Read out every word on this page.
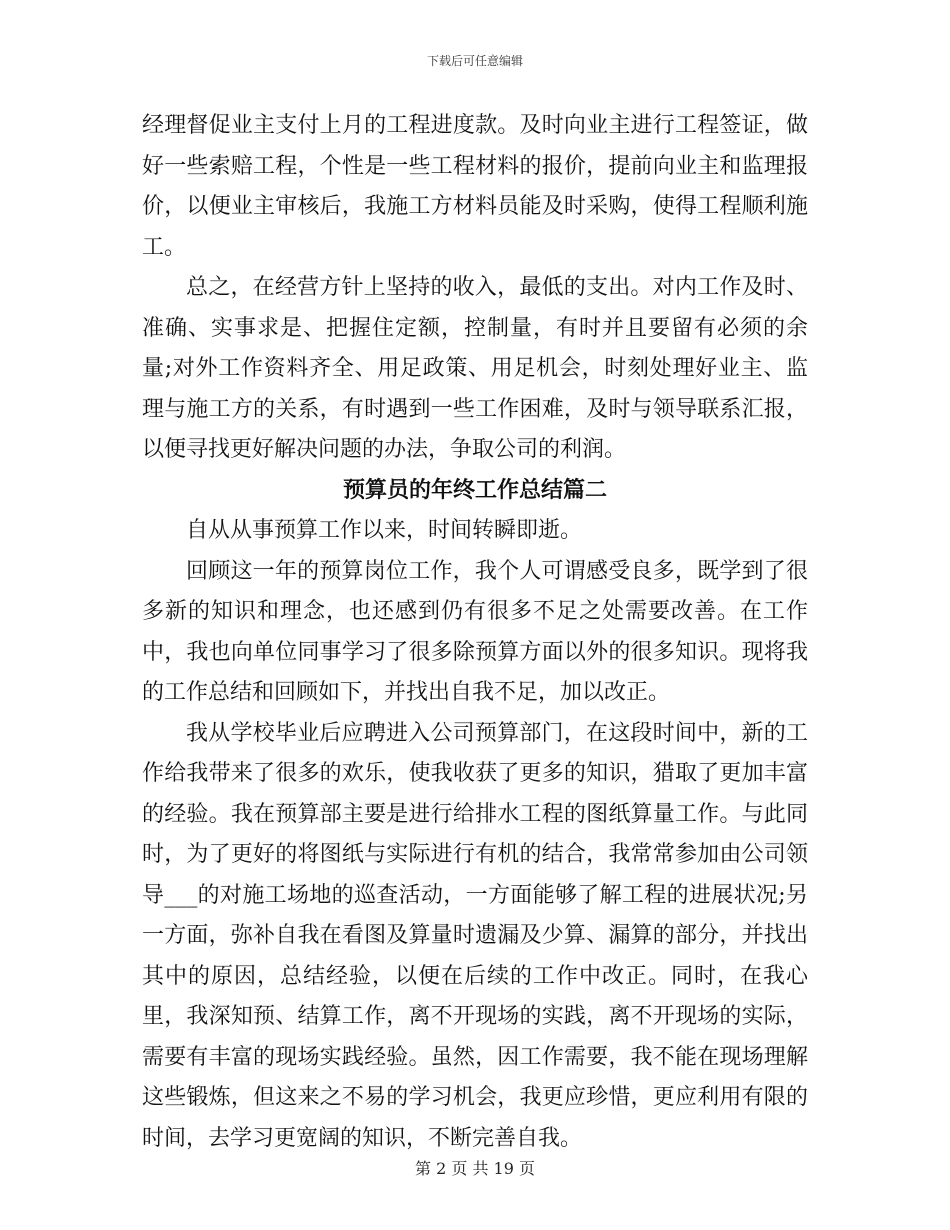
下载后可任意编辑

经理督促业主支付上月的工程进度款。及时向业主进行工程签证，做好一些索赔工程，个性是一些工程材料的报价，提前向业主和监理报价，以便业主审核后，我施工方材料员能及时采购，使得工程顺利施工。

总之，在经营方针上坚持的收入，最低的支出。对内工作及时、准确、实事求是、把握住定额，控制量，有时并且要留有必须的余量;对外工作资料齐全、用足政策、用足机会，时刻处理好业主、监理与施工方的关系，有时遇到一些工作困难，及时与领导联系汇报，以便寻找更好解决问题的办法，争取公司的利润。

预算员的年终工作总结篇二

自从从事预算工作以来，时间转瞬即逝。

回顾这一年的预算岗位工作，我个人可谓感受良多，既学到了很多新的知识和理念，也还感到仍有很多不足之处需要改善。在工作中，我也向单位同事学习了很多除预算方面以外的很多知识。现将我的工作总结和回顾如下，并找出自我不足，加以改正。

我从学校毕业后应聘进入公司预算部门，在这段时间中，新的工作给我带来了很多的欢乐，使我收获了更多的知识，猎取了更加丰富的经验。我在预算部主要是进行给排水工程的图纸算量工作。与此同时，为了更好的将图纸与实际进行有机的结合，我常常参加由公司领导___的对施工场地的巡查活动，一方面能够了解工程的进展状况;另一方面，弥补自我在看图及算量时遗漏及少算、漏算的部分，并找出其中的原因，总结经验，以便在后续的工作中改正。同时，在我心里，我深知预、结算工作，离不开现场的实践，离不开现场的实际，需要有丰富的现场实践经验。虽然，因工作需要，我不能在现场理解这些锻炼，但这来之不易的学习机会，我更应珍惜，更应利用有限的时间，去学习更宽阔的知识，不断完善自我。

第 2 页 共 19 页
